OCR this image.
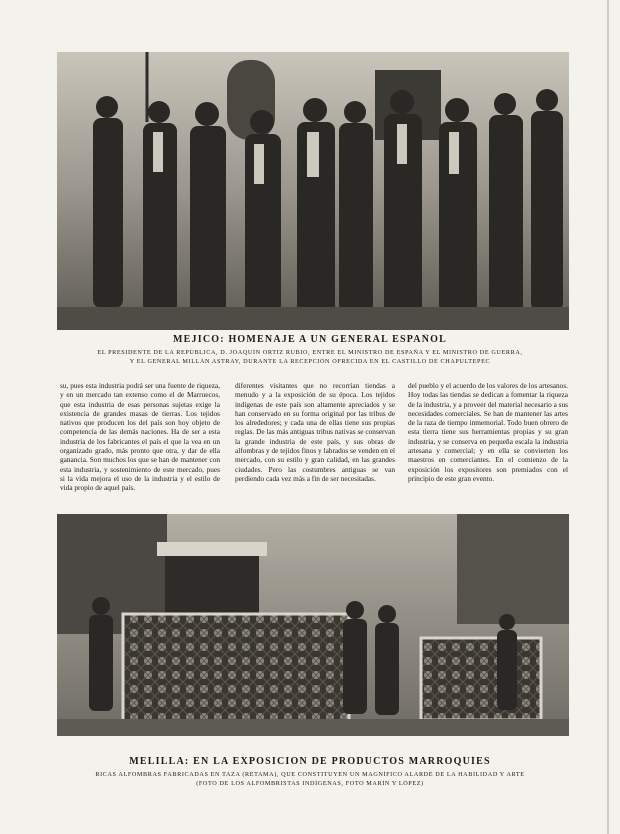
MEJICO: HOMENAJE A UN GENERAL ESPAÑOL
EL PRESIDENTE DE LA REPÚBLICA, D. JOAQUÍN ORTIZ RUBIO, ENTRE EL MINISTRO DE ESPAÑA Y EL MINISTRO DE GUERRA,
Y EL GENERAL MILLÁN ASTRAY, DURANTE LA RECEPCIÓN OFRECIDA EN EL CASTILLO DE CHAPULTEPEC
su, pues esta industria podrá ser una fuente de riqueza, y en un mercado tan extenso como el de Marruecos, que esta industria de esas personas sujetas exige la existencia de grandes masas de tierras. Los tejidos nativos que producen los del país son hoy objeto de competencia de las demás naciones. Ha de ser a esta industria de los fabricantes el país el que la vea en un organizado grado, más pronto que otra, y dar de ella ganancia. Son muchos los que se han de mantener con esta industria, y sostenimiento de este mercado, pues si la vida mejora el uso de la industria y el estilo de vida propio de aquel país.
diferentes visitantes que no recorrían tiendas a menudo y a la exposición de su época. Los tejidos indígenas de este país son altamente apreciados y se han conservado en su forma original por las tribus de los alrededores; y cada una de ellas tiene sus propias reglas. De las más antiguas tribus nativas se conservan la grande industria de este país, y sus obras de alfombras y de tejidos finos y labrados se venden en el mercado, con su estilo y gran calidad, en las grandes ciudades. Pero las costumbres antiguas se van perdiendo cada vez más a fin de ser necesitadas.
del pueblo y el acuerdo de los valores de los artesanos. Hoy todas las tiendas se dedican a fomentar la riqueza de la industria, y a proveer del material necesario a sus necesidades comerciales. Se han de mantener las artes de la raza de tiempo inmemorial. Todo buen obrero de esta tierra tiene sus herramientas propias y su gran industria, y se conserva en pequeña escala la industria artesana y comercial; y en ella se convierten los maestros en comerciantes. En el comienzo de la exposición los expositores son premiados con el principio de este gran evento.
MELILLA: EN LA EXPOSICIÓN DE PRODUCTOS MARROQUÍES
RICAS ALFOMBRAS FABRICADAS EN TAZA (RETAMA), QUE CONSTITUYEN UN MAGNÍFICO ALARDE DE LA HABILIDAD Y ARTE
(FOTO DE LOS ALFOMBRISTAS INDÍGENAS, FOTO MARÍN Y LÓPEZ)
